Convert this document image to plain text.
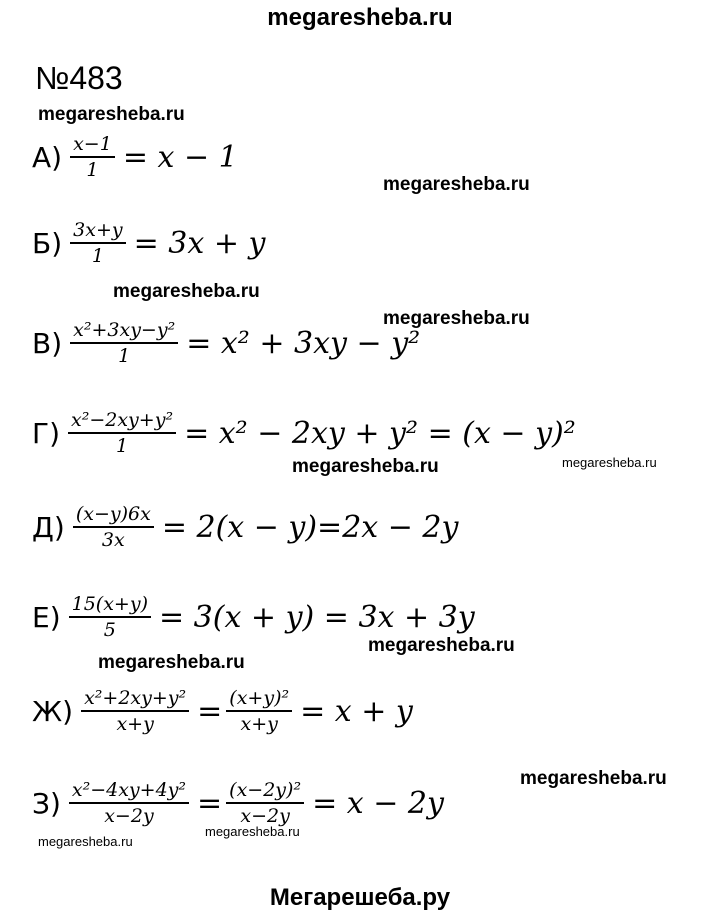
megaresheba.ru
№483
megaresheba.ru
megaresheba.ru
megaresheba.ru
megaresheba.ru
megaresheba.ru	megaresheba.ru
megaresheba.ru
megaresheba.ru
megaresheba.ru
megaresheba.ru
megaresheba.ru
$А) \frac{x-1}{1} = x - 1$
$Б) \frac{3x+y}{1} = 3x + y$
$В) \frac{\text{x²+3xy−y²}}{1} = x^2 + 3xy - y^2$
$Г) \frac{\text{x²−2xy+y²}}{1} = x^2 - 2xy + y^2 = (x - y)^2$
$Д) \frac{(x-y)6x}{3x} = 2(x - y)=2x - 2y$
$Е) \frac{15(x+y)}{5} = 3(x + y) = 3x + 3y$
$Ж) \frac{\text{x²+2xy+y²}}{x+y} = \frac{\text{(x+y)²}}{x+y} = x + y$
$З) \frac{\text{x²−4xy+4y²}}{x-2y} = \frac{\text{(x−2y)²}}{x-2y} = x - 2y$
Мегарешеба.ру
